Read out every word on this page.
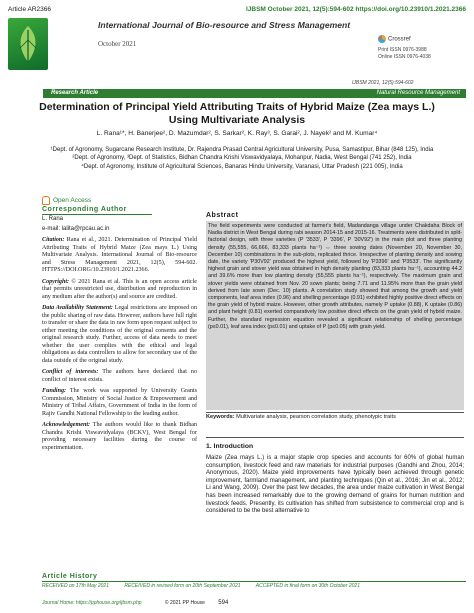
Article AR2366	IJBSM October 2021, 12(5):594-602 https://doi.org/10.23910/1.2021.2366
International Journal of Bio-resource and Stress Management
October 2021
Crossref
Print ISSN 0976-3988
Online ISSN 0976-4038
IJBSM 2021, 12(5):594-602
Research Article	Natural Resource Management
Determination of Principal Yield Attributing Traits of Hybrid Maize (Zea mays L.)
Using Multivariate Analysis
L. Rana¹*, H. Banerjee², D. Mazumdar², S. Sarkar², K. Ray³, S. Garai², J. Nayek² and M. Kumar⁴
¹Dept. of Agronomy, Sugarcane Research Institute, Dr. Rajendra Prasad Central Agricultural University, Pusa, Samastipur, Bihar (848 125), India
²Dept. of Agronomy, ³Dept. of Statistics, Bidhan Chandra Krishi Viswavidyalaya, Mohanpur, Nadia, West Bengal (741 252), India
⁴Dept. of Agronomy, Institute of Agricultural Sciences, Banaras Hindu University, Varanasi, Uttar Pradesh (221 005), India
Open Access
Corresponding Author
L. Rana
e-mail: lalita@rpcau.ac.in

Citation: Rana et al., 2021. Determination of Principal Yield Attributing Traits of Hybrid Maize (Zea mays L.) Using Multivariate Analysis. International Journal of Bio-resource and Stress Management 2021, 12(5), 594-602. HTTPS://DOI.ORG/10.23910/1.2021.2366.

Copyright: © 2021 Rana et al. This is an open access article that permits unrestricted use, distribution and reproduction in any medium after the author(s) and source are credited.

Data Availability Statement: Legal restrictions are imposed on the public sharing of raw data. However, authors have full right to transfer or share the data in raw form upon request subject to either meeting the conditions of the original consents and the original research study. Further, access of data needs to meet whether the user complies with the ethical and legal obligations as data controllers to allow for secondary use of the data outside of the original study.

Conflict of interests: The authors have declared that no conflict of interest exists.

Funding: The work was supported by University Grants Commission, Ministry of Social Justice & Empowerment and Ministry of Tribal Affairs, Government of India in the form of Rajiv Gandhi National Fellowship to the leading author.

Acknowledgement: The authors would like to thank Bidhan Chandra Krishi Viswavidyalaya (BCKV), West Bengal for providing necessary facilities during the course of experimentation.

Abstract
The field experiments were conducted at farmer's field, Madandanga village under Chakdaha Block of Nadia district in West Bengal during rabi season 2014-15 and 2015-16. Treatments were distributed in split-factorial design, with three varieties (P '3533', P '3396', P '30V92') in the main plot and three planting density (55,555, 66,666, 83,333 plants ha⁻¹) ⇔ three sowing dates (November 20, November 30, December 10) combinations in the sub-plots, replicated thrice. Irrespective of planting density and sowing date, the variety 'P30V92' produced the highest yield, followed by 'P3396' and 'P3533'. The significantly highest grain and stover yield was obtained in high density planting (83,333 plants ha⁻¹), accounting 44.2 and 39.6% more than low planting density (55,555 plants ha⁻¹), respectively. The maximum grain and stover yields were obtained from Nov. 20 sown plants; being 7.71 and 11.95% more than the grain yield derived from late sown (Dec. 10) plants. A correlation study showed that among the growth and yield components, leaf area index (0.96) and shelling percentage (0.91) exhibited highly positive direct effects on the grain yield of hybrid maize. However, other growth attributes, namely P uptake (0.88), K uptake (0.86) and plant height (0.81) exerted comparatively low positive direct effects on the grain yield of hybrid maize. Further, the standard regression equation revealed a significant relationship of shelling percentage (p≤0.01), leaf area index (p≤0.01) and uptake of P (p≤0.05) with grain yield.
Keywords: Multivariate analysis, pearson correlation study, phenotypic traits
1. Introduction
Maize (Zea mays L.) is a major staple crop species and accounts for 60% of global human consumption, livestock feed and raw materials for industrial purposes (Gandhi and Zhou, 2014; Anonymous, 2020). Maize yield improvements have typically been achieved through genetic improvement, farmland management, and planting techniques (Qin et al., 2016; Jin et al., 2012; Li and Wang, 2009). Over the past few decades, the area under maize cultivation in West Bengal has been increased remarkably due to the growing demand of grains for human nutrition and livestock feeds. Presently, its cultivation has shifted from subsistence to commercial crop and is considered to be the best alternative to
Article History
RECEIVED on 17th May 2021	RECEIVED in revised form on 20th September 2021	ACCEPTED in final form on 30th October 2021
Journal Home: https://pphouse.org/ijbsm.php	© 2021 PP House 594
